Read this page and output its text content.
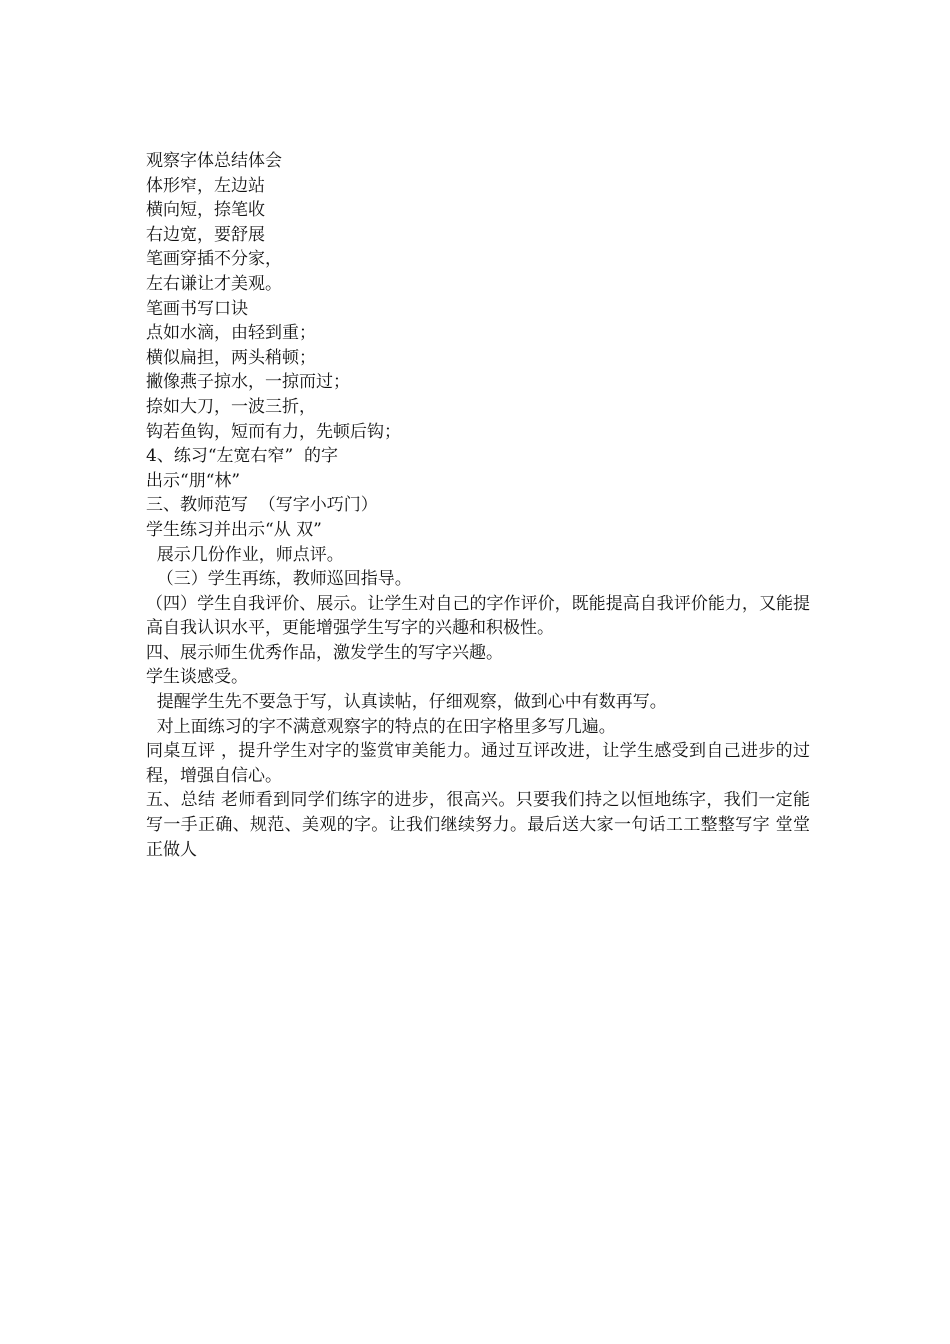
观察字体总结体会
体形窄，左边站
横向短，捺笔收
右边宽，要舒展
笔画穿插不分家，
左右谦让才美观。
笔画书写口诀
点如水滴，由轻到重；
横似扁担，两头稍顿；
撇像燕子掠水，一掠而过；
捺如大刀，一波三折，
钩若鱼钩，短而有力，先顿后钩；
4、练习“左宽右窄”  的字
出示“朋“林”
三、教师范写  （写字小巧门）
学生练习并出示“从 双”
展示几份作业，师点评。
（三）学生再练，教师巡回指导。
（四）学生自我评价、展示。让学生对自己的字作评价，既能提高自我评价能力，又能提高自我认识水平，更能增强学生写字的兴趣和积极性。
四、展示师生优秀作品，激发学生的写字兴趣。
学生谈感受。
提醒学生先不要急于写，认真读帖，仔细观察，做到心中有数再写。
对上面练习的字不满意观察字的特点的在田字格里多写几遍。
同桌互评 ，提升学生对字的鉴赏审美能力。通过互评改进，让学生感受到自己进步的过程，增强自信心。
五、总结 老师看到同学们练字的进步，很高兴。只要我们持之以恒地练字，我们一定能写一手正确、规范、美观的字。让我们继续努力。最后送大家一句话工工整整写字 堂堂正做人
